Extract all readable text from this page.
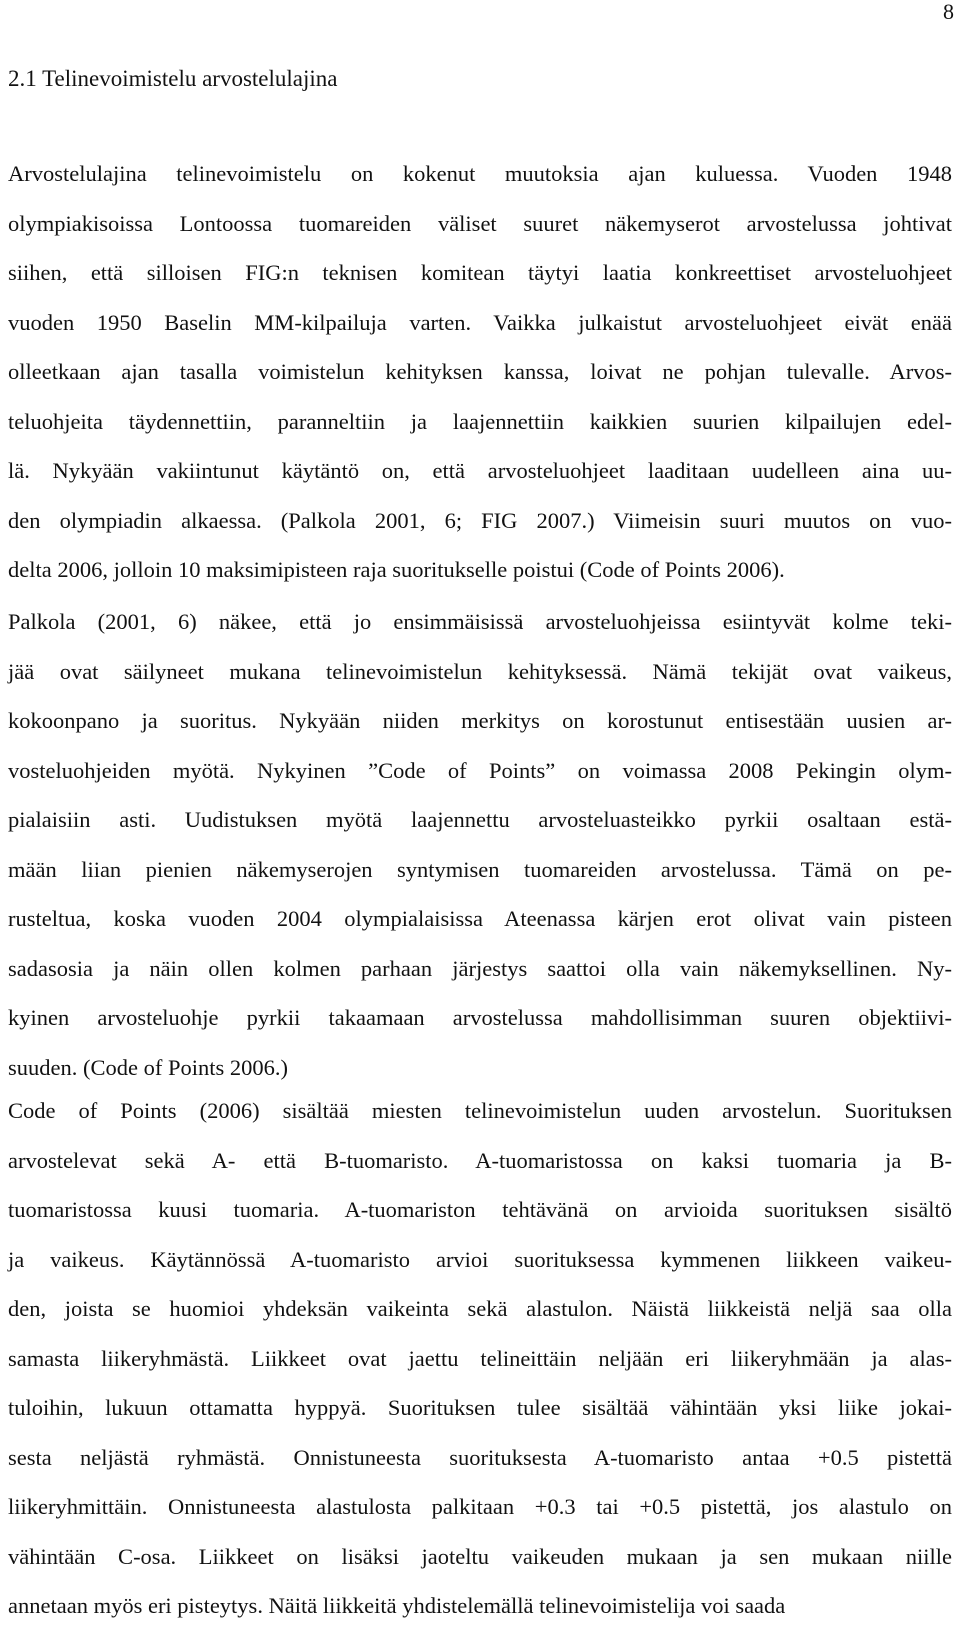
8
2.1 Telinevoimistelu arvostelulajina
Arvostelulajina telinevoimistelu on kokenut muutoksia ajan kuluessa. Vuoden 1948
olympiakisoissa Lontoossa tuomareiden väliset suuret näkemyserot arvostelussa johtivat
siihen, että silloisen FIG:n teknisen komitean täytyi laatia konkreettiset arvosteluohjeet
vuoden 1950 Baselin MM-kilpailuja varten. Vaikka julkaistut arvosteluohjeet eivät enää
olleetkaan ajan tasalla voimistelun kehityksen kanssa, loivat ne pohjan tulevalle. Arvos-
teluohjeita täydennettiin, paranneltiin ja laajennettiin kaikkien suurien kilpailujen edel-
lä. Nykyään vakiintunut käytäntö on, että arvosteluohjeet laaditaan uudelleen aina uu-
den olympiadin alkaessa. (Palkola 2001, 6; FIG 2007.) Viimeisin suuri muutos on vuo-
delta 2006, jolloin 10 maksimipisteen raja suoritukselle poistui (Code of Points 2006).
Palkola (2001, 6) näkee, että jo ensimmäisissä arvosteluohjeissa esiintyvät kolme teki-
jää ovat säilyneet mukana telinevoimistelun kehityksessä. Nämä tekijät ovat vaikeus,
kokoonpano ja suoritus. Nykyään niiden merkitys on korostunut entisestään uusien ar-
vosteluohjeiden myötä. Nykyinen ”Code of Points” on voimassa 2008 Pekingin olym-
pialaisiin asti. Uudistuksen myötä laajennettu arvosteluasteikko pyrkii osaltaan estä-
mään liian pienien näkemyserojen syntymisen tuomareiden arvostelussa. Tämä on pe-
rusteltua, koska vuoden 2004 olympialaisissa Ateenassa kärjen erot olivat vain pisteen
sadasosia ja näin ollen kolmen parhaan järjestys saattoi olla vain näkemyksellinen. Ny-
kyinen arvosteluohje pyrkii takaamaan arvostelussa mahdollisimman suuren objektiivi-
suuden. (Code of Points 2006.)
Code of Points (2006) sisältää miesten telinevoimistelun uuden arvostelun. Suorituksen
arvostelevat sekä A- että B-tuomaristo. A-tuomaristossa on kaksi tuomaria ja B-
tuomaristossa kuusi tuomaria. A-tuomariston tehtävänä on arvioida suorituksen sisältö
ja vaikeus. Käytännössä A-tuomaristo arvioi suorituksessa kymmenen liikkeen vaikeu-
den, joista se huomioi yhdeksän vaikeinta sekä alastulon. Näistä liikkeistä neljä saa olla
samasta liikeryhmästä. Liikkeet ovat jaettu telineittäin neljään eri liikeryhmään ja alas-
tuloihin, lukuun ottamatta hyppyä. Suorituksen tulee sisältää vähintään yksi liike jokai-
sesta neljästä ryhmästä. Onnistuneesta suorituksesta A-tuomaristo antaa +0.5 pistettä
liikeryhmittäin. Onnistuneesta alastulosta palkitaan +0.3 tai +0.5 pistettä, jos alastulo on
vähintään C-osa. Liikkeet on lisäksi jaoteltu vaikeuden mukaan ja sen mukaan niille
annetaan myös eri pisteytys. Näitä liikkeitä yhdistelemällä telinevoimistelija voi saada
